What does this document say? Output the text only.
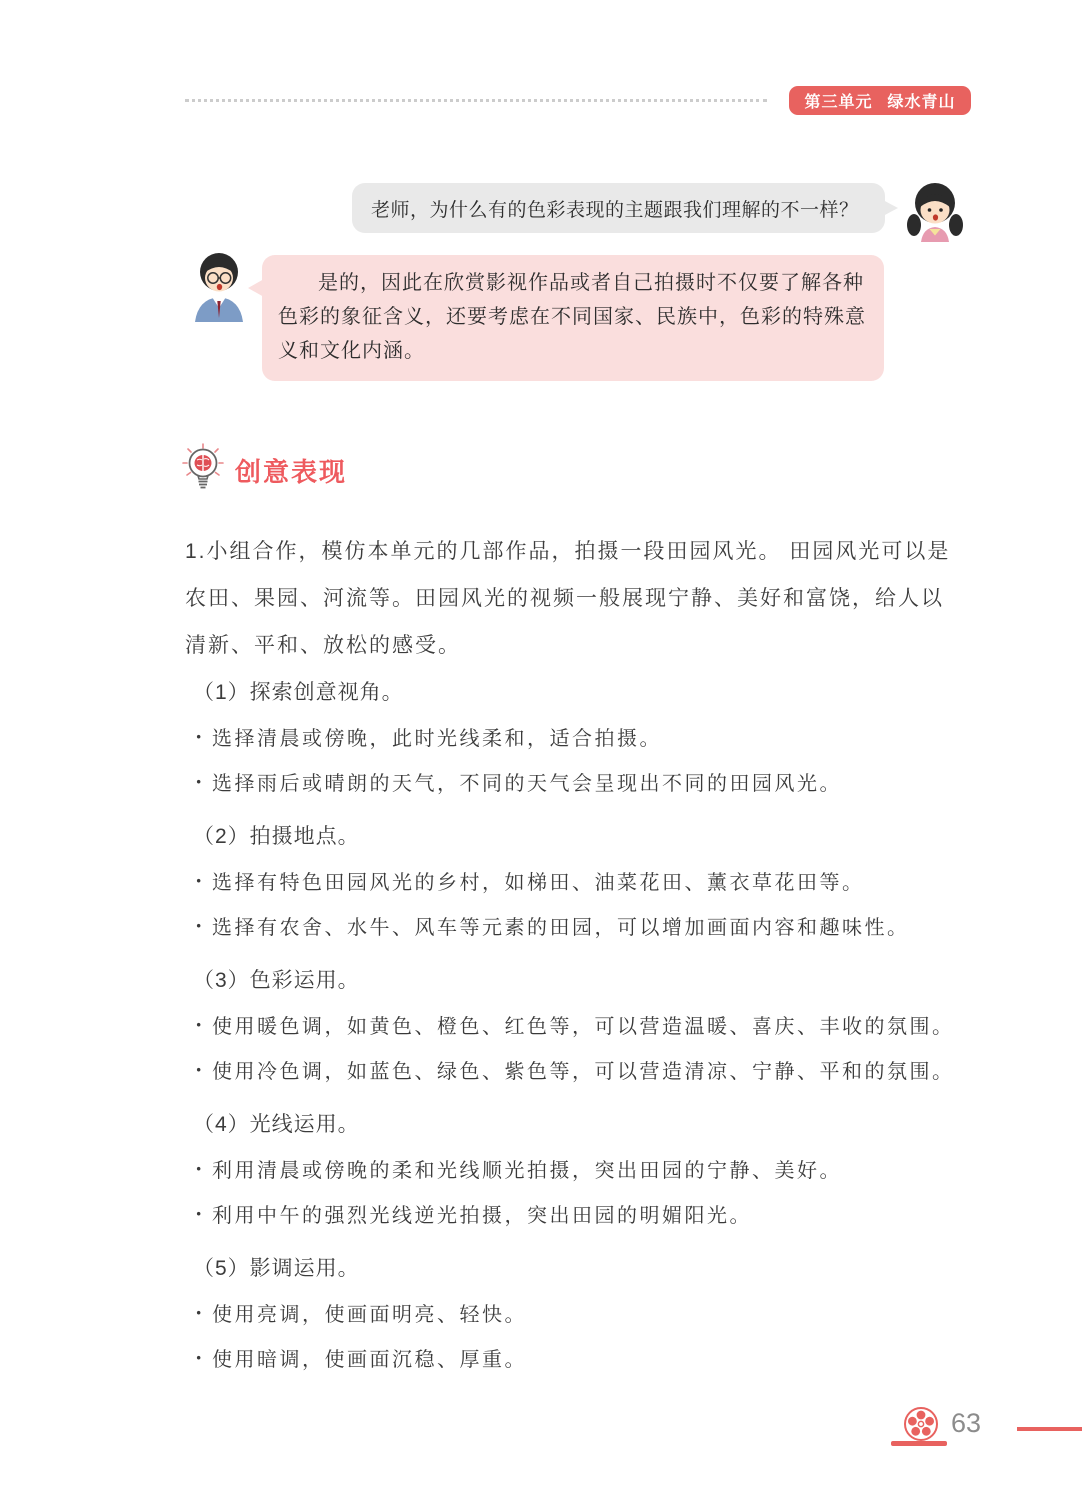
第三单元 绿水青山
老师，为什么有的色彩表现的主题跟我们理解的不一样？
是的，因此在欣赏影视作品或者自己拍摄时不仅要了解各种色彩的象征含义，还要考虑在不同国家、民族中，色彩的特殊意义和文化内涵。
创意表现

1.小组合作，模仿本单元的几部作品，拍摄一段田园风光。 田园风光可以是农田、果园、河流等。田园风光的视频一般展现宁静、美好和富饶，给人以清新、平和、放松的感受。

（1）探索创意视角。
· 选择清晨或傍晚，此时光线柔和，适合拍摄。
· 选择雨后或晴朗的天气，不同的天气会呈现出不同的田园风光。
（2）拍摄地点。
· 选择有特色田园风光的乡村，如梯田、油菜花田、薰衣草花田等。
· 选择有农舍、水牛、风车等元素的田园，可以增加画面内容和趣味性。
（3）色彩运用。
· 使用暖色调，如黄色、橙色、红色等，可以营造温暖、喜庆、丰收的氛围。
· 使用冷色调，如蓝色、绿色、紫色等，可以营造清凉、宁静、平和的氛围。
（4）光线运用。
· 利用清晨或傍晚的柔和光线顺光拍摄，突出田园的宁静、美好。
· 利用中午的强烈光线逆光拍摄，突出田园的明媚阳光。
（5）影调运用。
· 使用亮调，使画面明亮、轻快。
· 使用暗调，使画面沉稳、厚重。
63
